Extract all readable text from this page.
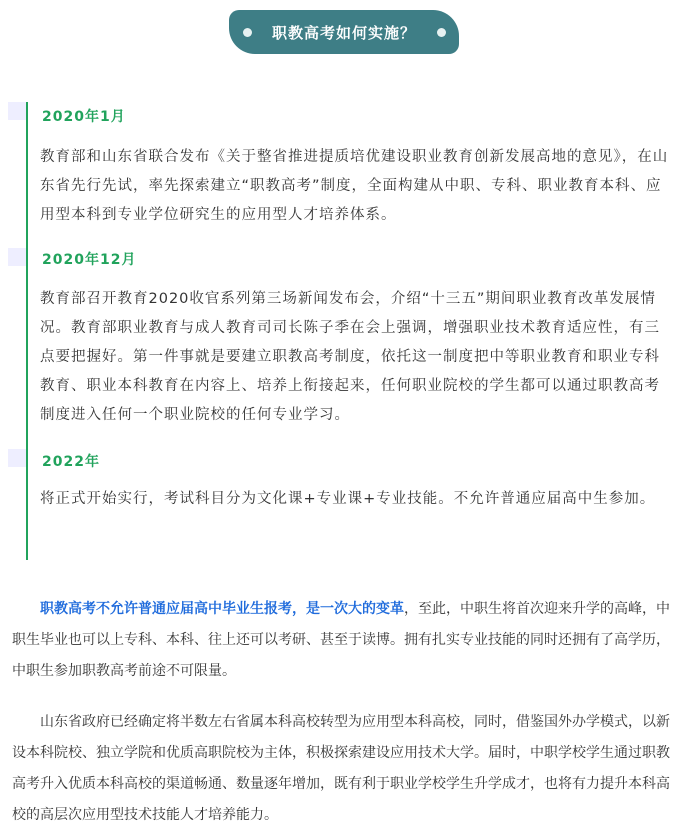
职教高考如何实施？
2020年1月
教育部和山东省联合发布《关于整省推进提质培优建设职业教育创新发展高地的意见》，在山东省先行先试，率先探索建立“职教高考”制度，全面构建从中职、专科、职业教育本科、应用型本科到专业学位研究生的应用型人才培养体系。
2020年12月
教育部召开教育2020收官系列第三场新闻发布会，介绍“十三五”期间职业教育改革发展情况。教育部职业教育与成人教育司司长陈子季在会上强调，增强职业技术教育适应性，有三点要把握好。第一件事就是要建立职教高考制度，依托这一制度把中等职业教育和职业专科教育、职业本科教育在内容上、培养上衔接起来，任何职业院校的学生都可以通过职教高考制度进入任何一个职业院校的任何专业学习。
2022年
将正式开始实行，考试科目分为文化课+专业课+专业技能。不允许普通应届高中生参加。
职教高考不允许普通应届高中毕业生报考，是一次大的变革，至此，中职生将首次迎来升学的高峰，中职生毕业也可以上专科、本科、往上还可以考研、甚至于读博。拥有扎实专业技能的同时还拥有了高学历，中职生参加职教高考前途不可限量。
山东省政府已经确定将半数左右省属本科高校转型为应用型本科高校，同时，借鉴国外办学模式，以新设本科院校、独立学院和优质高职院校为主体，积极探索建设应用技术大学。届时，中职学校学生通过职教高考升入优质本科高校的渠道畅通、数量逐年增加，既有利于职业学校学生升学成才，也将有力提升本科高校的高层次应用型技术技能人才培养能力。
